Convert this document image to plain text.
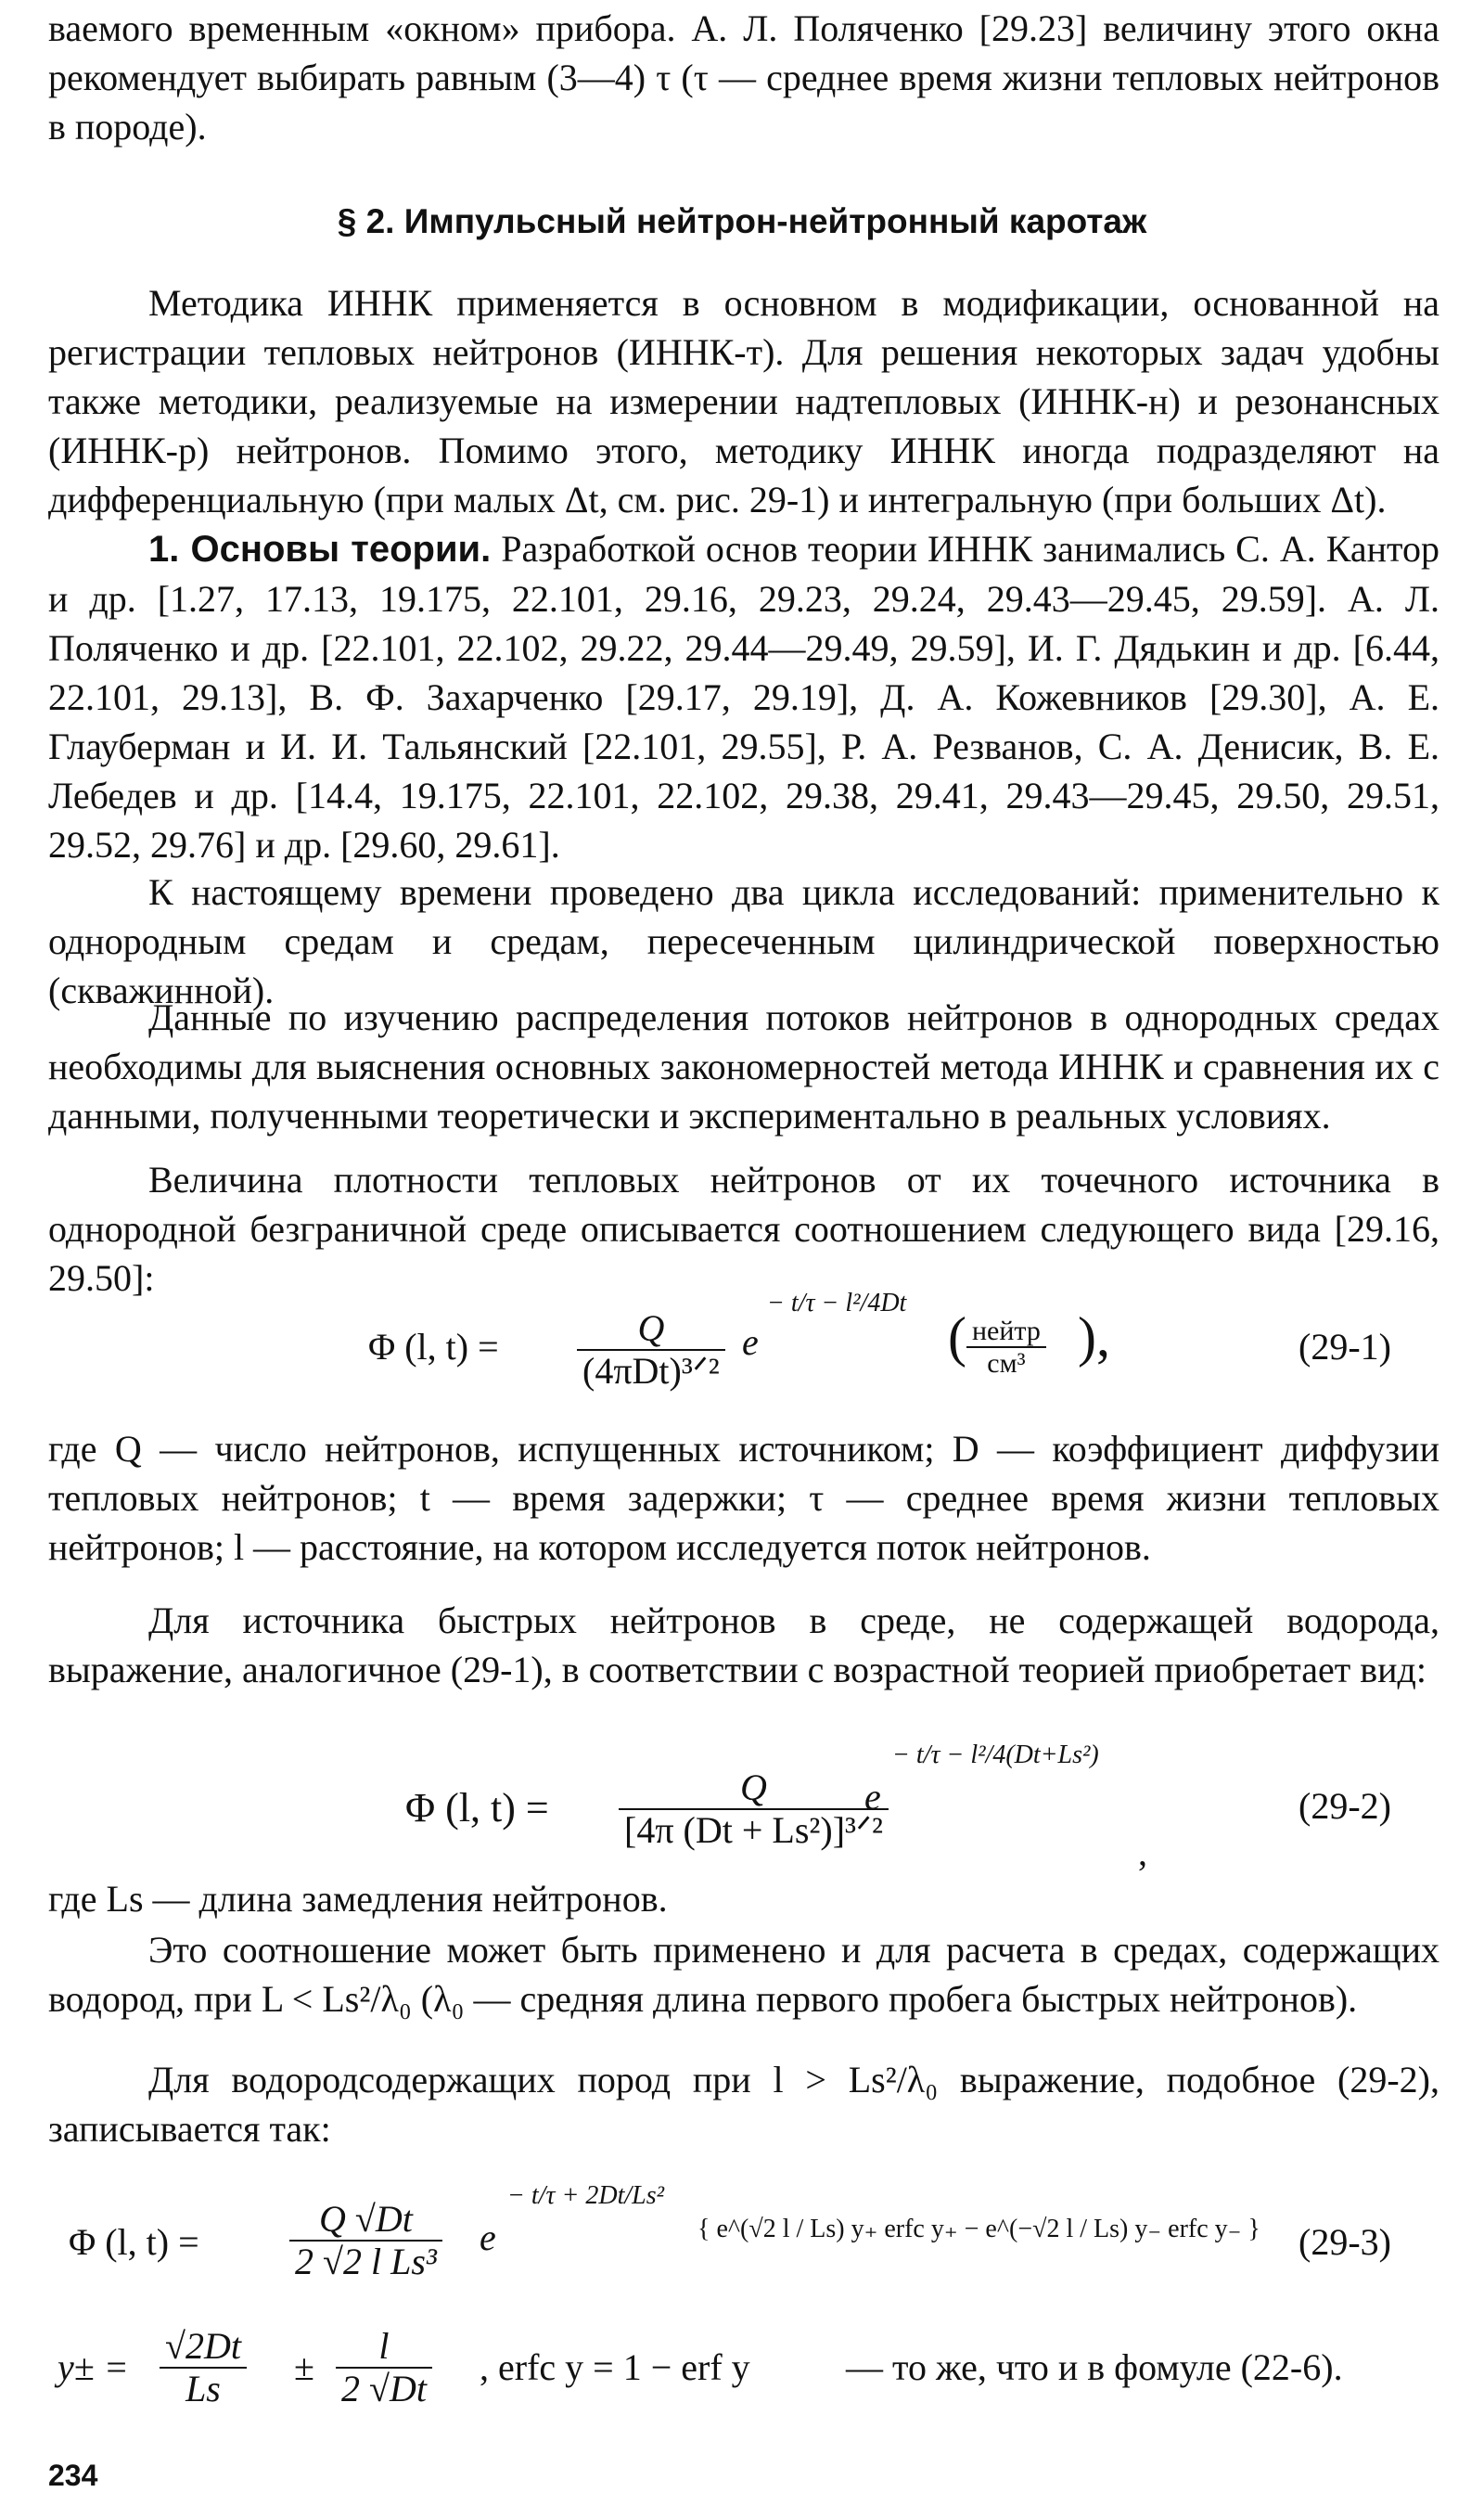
ваемого временным «окном» прибора. А. Л. Поляченко [29.23] величину этого окна рекомендует выбирать равным (3—4) τ (τ — среднее время жизни тепловых нейтронов в породе).

§ 2. Импульсный нейтрон-нейтронный каротаж

Методика ИННК применяется в основном в модификации, основанной на регистрации тепловых нейтронов (ИННК-т). Для решения некоторых задач удобны также методики, реализуемые на измерении надтепловых (ИННК-н) и резонансных (ИННК-р) нейтронов. Помимо этого, методику ИННК иногда подразделяют на дифференциальную (при малых Δt, см. рис. 29-1) и интегральную (при больших Δt).

1. Основы теории. Разработкой основ теории ИННК занимались С. А. Кантор и др. [1.27, 17.13, 19.175, 22.101, 29.16, 29.23, 29.24, 29.43—29.45, 29.59]. А. Л. Поляченко и др. [22.101, 22.102, 29.22, 29.44—29.49, 29.59], И. Г. Дядькин и др. [6.44, 22.101, 29.13], В. Ф. Захарченко [29.17, 29.19], Д. А. Кожевников [29.30], А. Е. Глауберман и И. И. Тальянский [22.101, 29.55], Р. А. Резванов, С. А. Денисик, В. Е. Лебедев и др. [14.4, 19.175, 22.101, 22.102, 29.38, 29.41, 29.43—29.45, 29.50, 29.51, 29.52, 29.76] и др. [29.60, 29.61].

К настоящему времени проведено два цикла исследований: применительно к однородным средам и средам, пересеченным цилиндрической поверхностью (скважинной).

Данные по изучению распределения потоков нейтронов в однородных средах необходимы для выяснения основных закономерностей метода ИННК и сравнения их с данными, полученными теоретически и экспериментально в реальных условиях.

Величина плотности тепловых нейтронов от их точечного источника в однородной безграничной среде описывается соотношением следующего вида [29.16, 29.50]:

Φ (l, t) =	Q
(4πDt)³ᐟ²
e
− t/τ − l²/4Dt
( нейтр
см³ ),	(29-1)

где Q — число нейтронов, испущенных источником; D — коэффициент диффузии тепловых нейтронов; t — время задержки; τ — среднее время жизни тепловых нейтронов; l — расстояние, на котором исследуется поток нейтронов.

Для источника быстрых нейтронов в среде, не содержащей водорода, выражение, аналогичное (29-1), в соответствии с возрастной теорией приобретает вид:

Φ (l, t) =	Q
[4π (Dt + Ls²)]³ᐟ²
e
− t/τ − l²/4(Dt+Ls²)
,
(29-2)

где Ls — длина замедления нейтронов.

Это соотношение может быть применено и для расчета в средах, содержащих водород, при L < Ls²/λ₀ (λ₀ — средняя длина первого пробега быстрых нейтронов).

Для водородсодержащих пород при l > Ls²/λ₀ выражение, подобное (29-2), записывается так:

Φ (l, $t) = \frac{Q √Dt}{\text{2 √2 l Ls³}}$ e
− t/τ + 2Dt/Ls²
{ e^(√2 l / Ls) y₊ erfc y₊ − e^(−√2 l / Ls) y₋ erfc y₋ }	(29-3)
$y\pm = \frac{√2Dt}{Ls} \pm \frac{l}{2 √Dt}$ , erfc y = 1 − erf y	— то же, что и в фомуле (22-6).
234
